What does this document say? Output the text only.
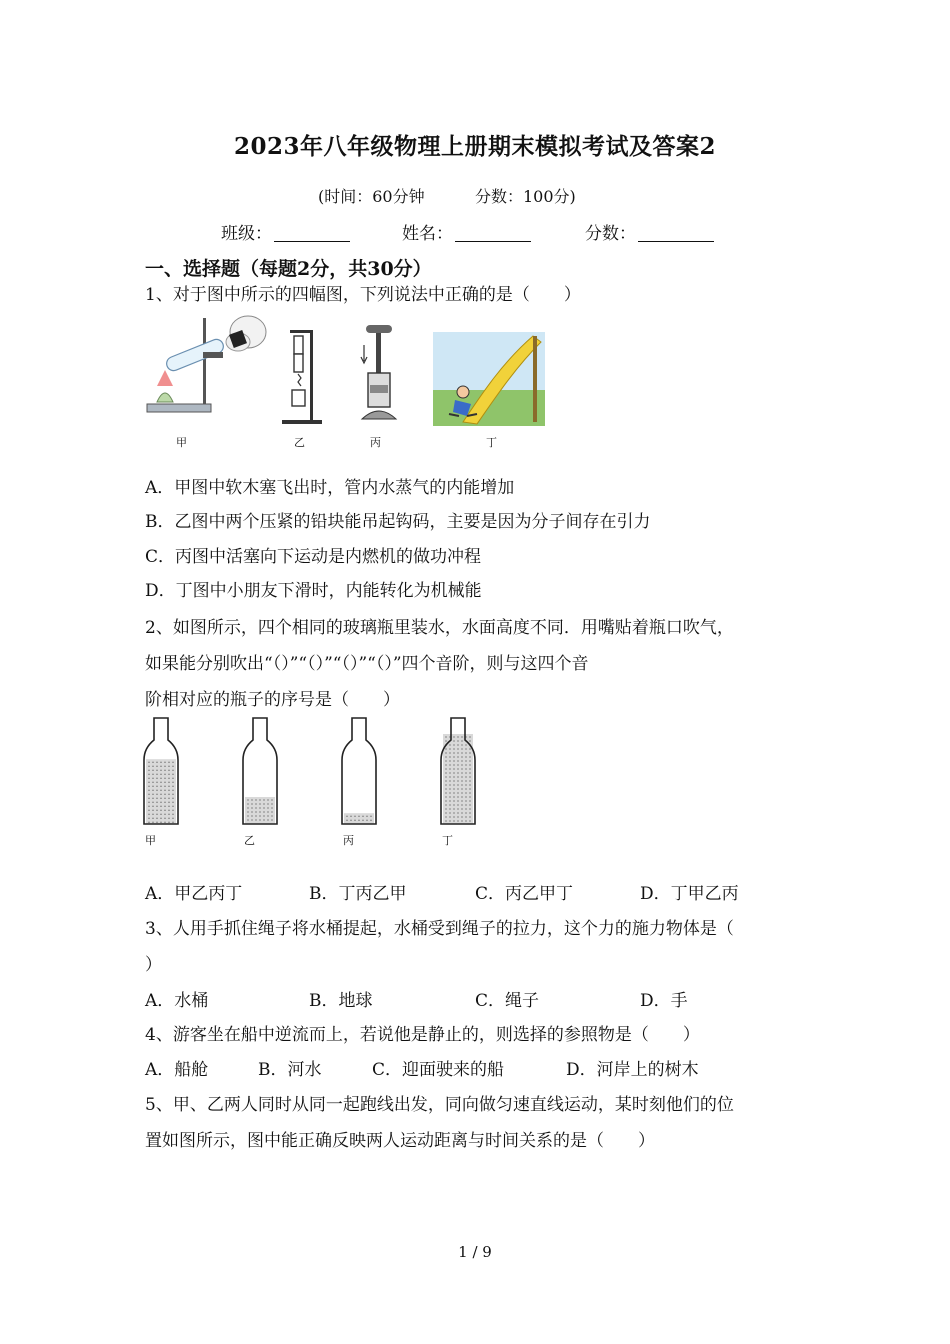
2023年八年级物理上册期末模拟考试及答案2
(时间：60分钟	分数：100分)
班级：	姓名：	分数：
一、选择题（每题2分，共30分）
1、对于图中所示的四幅图，下列说法中正确的是（　　）
甲	乙	丙	丁
A．甲图中软木塞飞出时，管内水蒸气的内能增加
B．乙图中两个压紧的铅块能吊起钩码，主要是因为分子间存在引力
C．丙图中活塞向下运动是内燃机的做功冲程
D．丁图中小朋友下滑时，内能转化为机械能
2、如图所示，四个相同的玻璃瓶里装水，水面高度不同．用嘴贴着瓶口吹气，
如果能分别吹出“（）”“（）”“（）”“（）”四个音阶，则与这四个音
阶相对应的瓶子的序号是（　　）
甲	乙	丙	丁
A．甲乙丙丁	B．丁丙乙甲	C．丙乙甲丁	D．丁甲乙丙
3、人用手抓住绳子将水桶提起，水桶受到绳子的拉力，这个力的施力物体是（
）
A．水桶	B．地球	C．绳子	D．手
4、游客坐在船中逆流而上，若说他是静止的，则选择的参照物是（　　）
A．船舱	B．河水	C．迎面驶来的船	D．河岸上的树木
5、甲、乙两人同时从同一起跑线出发，同向做匀速直线运动，某时刻他们的位
置如图所示，图中能正确反映两人运动距离与时间关系的是（　　）
1 / 9
